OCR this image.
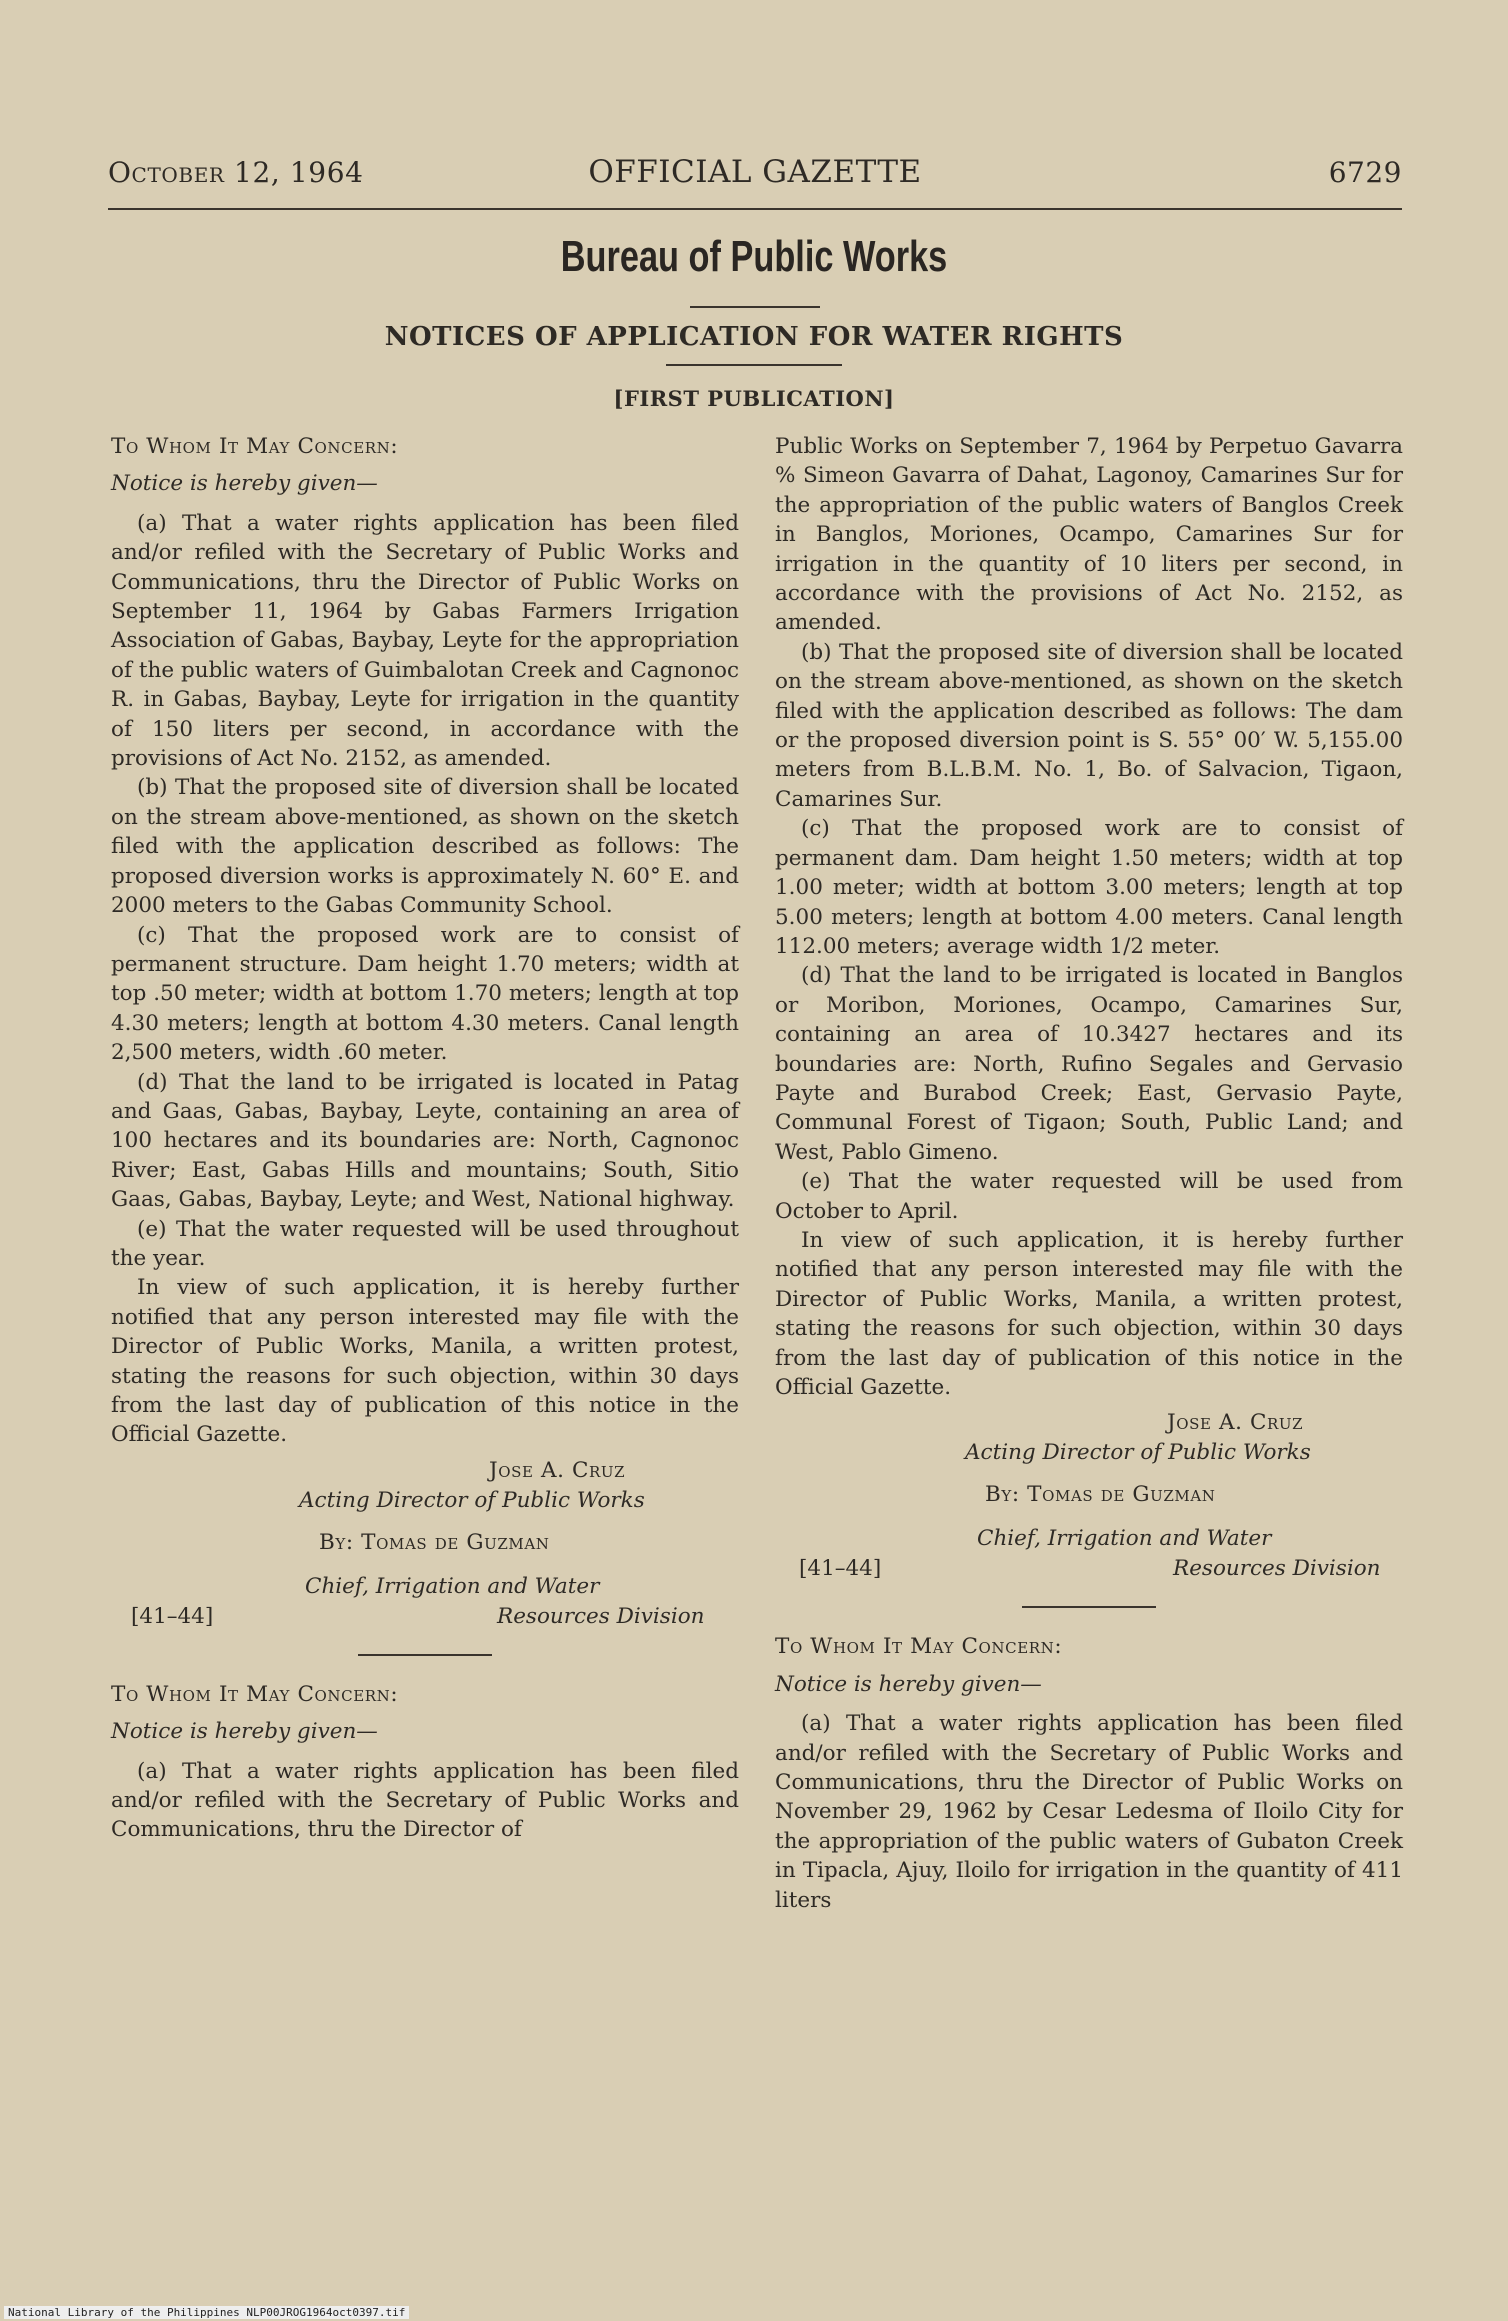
October 12, 1964	OFFICIAL GAZETTE	6729
Bureau of Public Works
NOTICES OF APPLICATION FOR WATER RIGHTS
[FIRST PUBLICATION]

To Whom It May Concern:

Notice is hereby given—

(a) That a water rights application has been filed and/or refiled with the Secretary of Public Works and Communications, thru the Director of Public Works on September 11, 1964 by Gabas Farmers Irrigation Association of Gabas, Baybay, Leyte for the appropriation of the public waters of Guimbalotan Creek and Cagnonoc R. in Gabas, Baybay, Leyte for irrigation in the quantity of 150 liters per second, in accordance with the provisions of Act No. 2152, as amended.

(b) That the proposed site of diversion shall be located on the stream above-mentioned, as shown on the sketch filed with the application described as follows: The proposed diversion works is approximately N. 60° E. and 2000 meters to the Gabas Community School.

(c) That the proposed work are to consist of permanent structure. Dam height 1.70 meters; width at top .50 meter; width at bottom 1.70 meters; length at top 4.30 meters; length at bottom 4.30 meters. Canal length 2,500 meters, width .60 meter.

(d) That the land to be irrigated is located in Patag and Gaas, Gabas, Baybay, Leyte, containing an area of 100 hectares and its boundaries are: North, Cagnonoc River; East, Gabas Hills and mountains; South, Sitio Gaas, Gabas, Baybay, Leyte; and West, National highway.

(e) That the water requested will be used throughout the year.

In view of such application, it is hereby further notified that any person interested may file with the Director of Public Works, Manila, a written protest, stating the reasons for such objection, within 30 days from the last day of publication of this notice in the Official Gazette.

Jose A. Cruz
Acting Director of Public Works
By: Tomas de Guzman
Chief, Irrigation and Water
[41–44]	Resources Division

To Whom It May Concern:

Notice is hereby given—

(a) That a water rights application has been filed and/or refiled with the Secretary of Public Works and Communications, thru the Director of

Public Works on September 7, 1964 by Perpetuo Gavarra % Simeon Gavarra of Dahat, Lagonoy, Camarines Sur for the appropriation of the public waters of Banglos Creek in Banglos, Moriones, Ocampo, Camarines Sur for irrigation in the quantity of 10 liters per second, in accordance with the provisions of Act No. 2152, as amended.

(b) That the proposed site of diversion shall be located on the stream above-mentioned, as shown on the sketch filed with the application described as follows: The dam or the proposed diversion point is S. 55° 00′ W. 5,155.00 meters from B.L.B.M. No. 1, Bo. of Salvacion, Tigaon, Camarines Sur.

(c) That the proposed work are to consist of permanent dam. Dam height 1.50 meters; width at top 1.00 meter; width at bottom 3.00 meters; length at top 5.00 meters; length at bottom 4.00 meters. Canal length 112.00 meters; average width 1/2 meter.

(d) That the land to be irrigated is located in Banglos or Moribon, Moriones, Ocampo, Camarines Sur, containing an area of 10.3427 hectares and its boundaries are: North, Rufino Segales and Gervasio Payte and Burabod Creek; East, Gervasio Payte, Communal Forest of Tigaon; South, Public Land; and West, Pablo Gimeno.

(e) That the water requested will be used from October to April.

In view of such application, it is hereby further notified that any person interested may file with the Director of Public Works, Manila, a written protest, stating the reasons for such objection, within 30 days from the last day of publication of this notice in the Official Gazette.

Jose A. Cruz
Acting Director of Public Works
By: Tomas de Guzman
Chief, Irrigation and Water
[41–44]	Resources Division

To Whom It May Concern:

Notice is hereby given—

(a) That a water rights application has been filed and/or refiled with the Secretary of Public Works and Communications, thru the Director of Public Works on November 29, 1962 by Cesar Ledesma of Iloilo City for the appropriation of the public waters of Gubaton Creek in Tipacla, Ajuy, Iloilo for irrigation in the quantity of 411 liters

National Library of the Philippines NLP00JROG1964oct0397.tif
